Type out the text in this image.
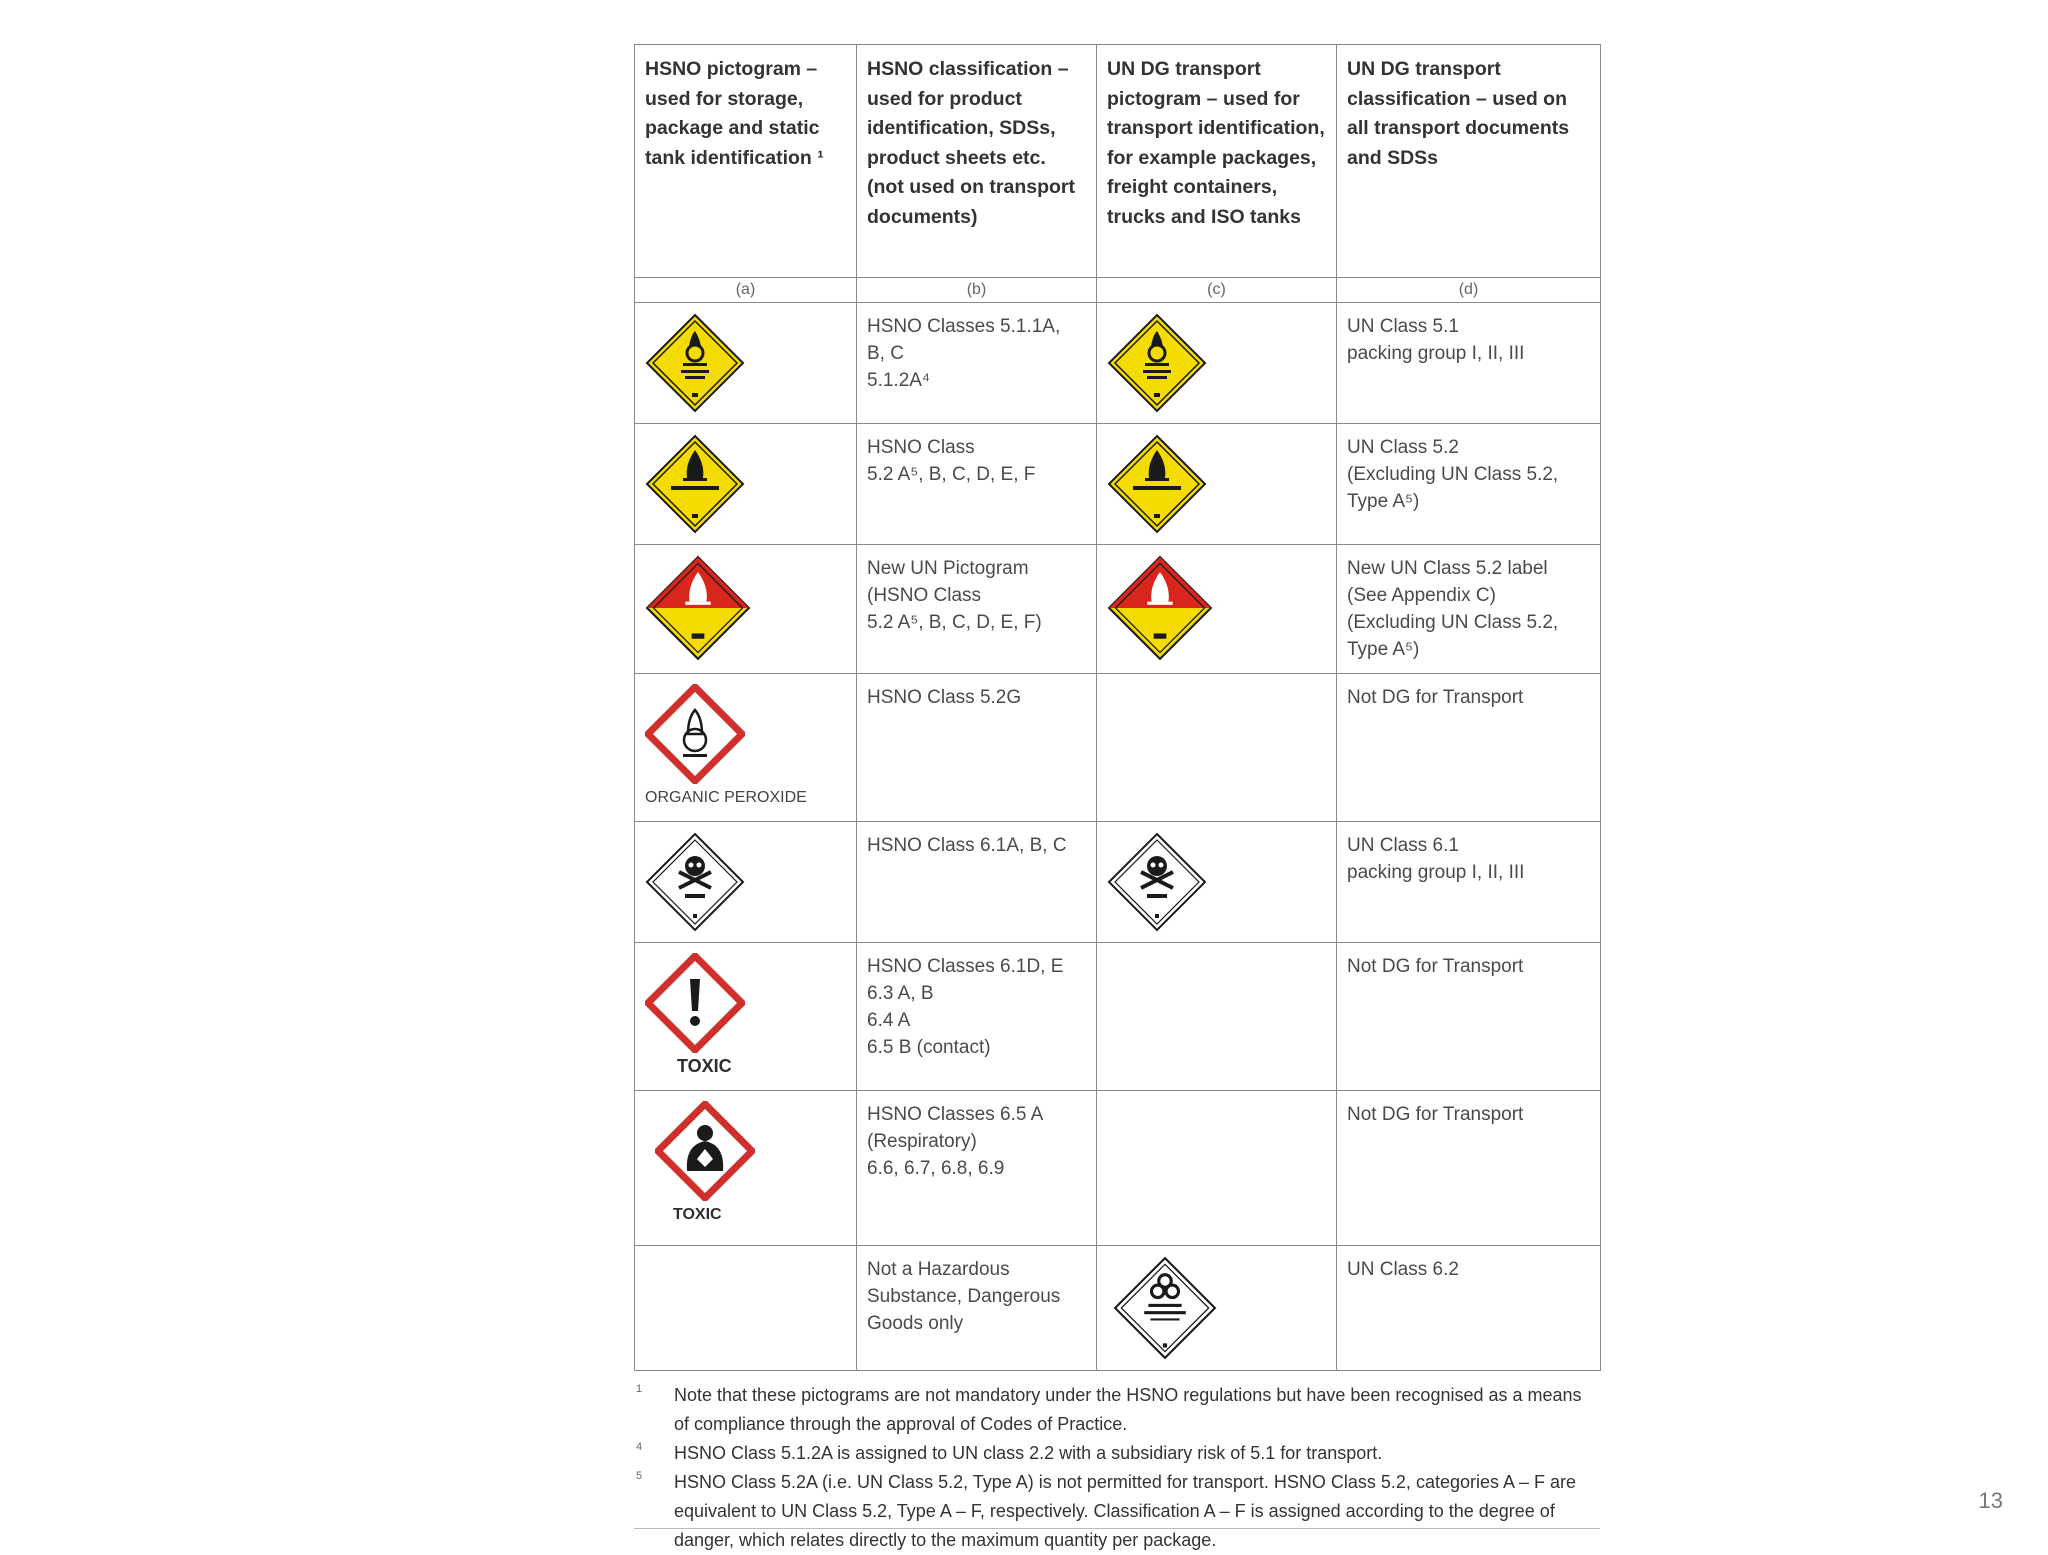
HSNO pictogram –used for storage, package and static tank identification ¹	HSNO classification – used for product identification, SDSs, product sheets etc. (not used on transport documents)	UN DG transport pictogram – used for transport identification, for example packages, freight containers, trucks and ISO tanks	UN DG transport classification – used on all transport documents and SDSs
(a)	(b)	(c)	(d)

	HSNO Classes 5.1.1A,
B, C
5.1.2A⁴		UN Class 5.1
packing group I, II, III

	HSNO Class
5.2 A⁵, B, C, D, E, F		UN Class 5.2
(Excluding UN Class 5.2,
Type A⁵)

	New UN Pictogram
(HSNO Class
5.2 A⁵, B, C, D, E, F)		New UN Class 5.2 label
(See Appendix C)
(Excluding UN Class 5.2,
Type A⁵)

ORGANIC PEROXIDE	HSNO Class 5.2G		Not DG for Transport

	HSNO Class 6.1A, B, C		UN Class 6.1
packing group I, II, III

TOXIC	HSNO Classes 6.1D, E
6.3 A, B
6.4 A
6.5 B (contact)		Not DG for Transport

TOXIC	HSNO Classes 6.5 A
(Respiratory)
6.6, 6.7, 6.8, 6.9		Not DG for Transport
	Not a Hazardous
Substance, Dangerous
Goods only		UN Class 6.2
1 Note that these pictograms are not mandatory under the HSNO regulations but have been recognised as a means of compliance through the approval of Codes of Practice.
4 HSNO Class 5.1.2A is assigned to UN class 2.2 with a subsidiary risk of 5.1 for transport.
5 HSNO Class 5.2A (i.e. UN Class 5.2, Type A) is not permitted for transport. HSNO Class 5.2, categories A – F are equivalent to UN Class 5.2, Type A – F, respectively. Classification A – F is assigned according to the degree of danger, which relates directly to the maximum quantity per package.
13
